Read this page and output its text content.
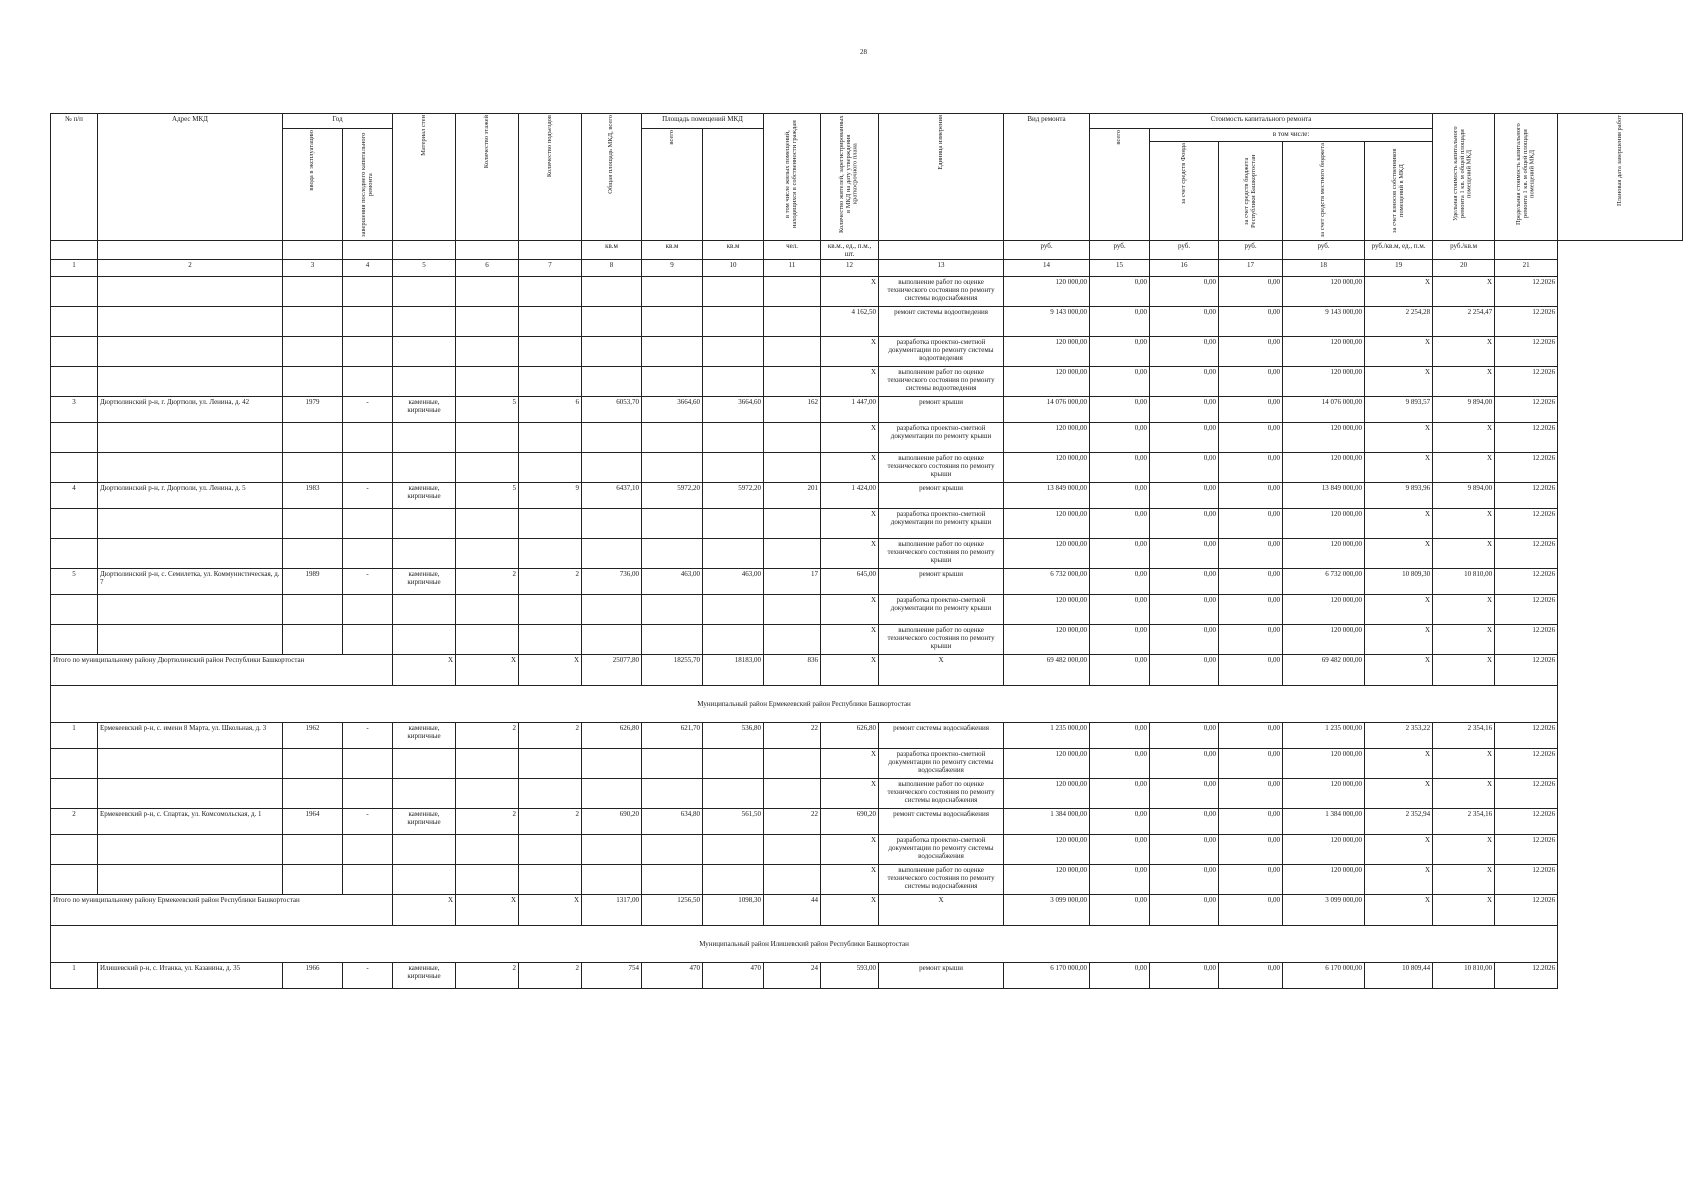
28
№ п/п	Адрес МКД	Год		Материал стен	Количество этажей	Количество подъездов	Общая площадь МКД, всего	Площадь помещений МКД		в том числе жилых помещений, находящихся в собственности граждан	Количество жителей, зарегистрированных в МКД на дату утверждения краткосрочного плана	Единица измерения	Вид ремонта	Стоимость капитального ремонта					Удельная стоимость капитального ремонта 1 кв. м общей площади помещений МКД	Предельная стоимость капитального ремонта 1 кв. м общей площади помещений МКД	Плановая дата завершения работ

		ввода в эксплуатацию	завершения последнего капитального ремонта					всего						всего	в том числе:						

															за счет средств Фонда	за счет средств бюджета Республики Башкортостан	за счет средств местного бюджета	за счет взносов собственников помещений в МКД			

							кв.м	кв.м	кв.м	чел.	кв.м., ед., п.м., шт.		руб.	руб.	руб.	руб.	руб.	руб./кв.м, ед., п.м.	руб./кв.м		
1	2	3	4	5	6	7	8	9	10	11	12	13	14	15	16	17	18	19	20	21	
											X	выполнение работ по оценке технического состояния по ремонту системы водоснабжения	120 000,00	0,00	0,00	0,00	120 000,00	X	X	12.2026	
											4 162,50	ремонт системы водоотведения	9 143 000,00	0,00	0,00	0,00	9 143 000,00	2 254,28	2 254,47	12.2026	
											X	разработка проектно-сметной документации по ремонту системы водоотведения	120 000,00	0,00	0,00	0,00	120 000,00	X	X	12.2026	
											X	выполнение работ по оценке технического состояния по ремонту системы водоотведения	120 000,00	0,00	0,00	0,00	120 000,00	X	X	12.2026	
3	Дюртюлинский р-н, г. Дюртюли, ул. Ленина, д. 42	1979	-	каменные, кирпичные	5	6	6053,70	3664,60	3664,60	162	1 447,00	ремонт крыши	14 076 000,00	0,00	0,00	0,00	14 076 000,00	9 893,57	9 894,00	12.2026	
											X	разработка проектно-сметной документации по ремонту крыши	120 000,00	0,00	0,00	0,00	120 000,00	X	X	12.2026	
											X	выполнение работ по оценке технического состояния по ремонту крыши	120 000,00	0,00	0,00	0,00	120 000,00	X	X	12.2026	
4	Дюртюлинский р-н, г. Дюртюли, ул. Ленина, д. 5	1983	-	каменные, кирпичные	5	9	6437,10	5972,20	5972,20	201	1 424,00	ремонт крыши	13 849 000,00	0,00	0,00	0,00	13 849 000,00	9 893,96	9 894,00	12.2026	
											X	разработка проектно-сметной документации по ремонту крыши	120 000,00	0,00	0,00	0,00	120 000,00	X	X	12.2026	
											X	выполнение работ по оценке технического состояния по ремонту крыши	120 000,00	0,00	0,00	0,00	120 000,00	X	X	12.2026	
5	Дюртюлинский р-н, с. Семилетка, ул. Коммунистическая, д. 7	1989	-	каменные, кирпичные	2	2	736,00	463,00	463,00	17	645,00	ремонт крыши	6 732 000,00	0,00	0,00	0,00	6 732 000,00	10 809,30	10 810,00	12.2026	
											X	разработка проектно-сметной документации по ремонту крыши	120 000,00	0,00	0,00	0,00	120 000,00	X	X	12.2026	
											X	выполнение работ по оценке технического состояния по ремонту крыши	120 000,00	0,00	0,00	0,00	120 000,00	X	X	12.2026	
Итого по муниципальному району Дюртюлинский район Республики Башкортостан				X	X	X	25077,80	18255,70	18183,00	836	X	X	69 482 000,00	0,00	0,00	0,00	69 482 000,00	X	X	12.2026	
Муниципальный район Ермекеевский район Республики Башкортостан																					
1	Ермекеевский р-н, с. имени 8 Марта, ул. Школьная, д. 3	1962	-	каменные, кирпичные	2	2	626,80	621,70	536,80	22	626,80	ремонт системы водоснабжения	1 235 000,00	0,00	0,00	0,00	1 235 000,00	2 353,22	2 354,16	12.2026	
											X	разработка проектно-сметной документации по ремонту системы водоснабжения	120 000,00	0,00	0,00	0,00	120 000,00	X	X	12.2026	
											X	выполнение работ по оценке технического состояния по ремонту системы водоснабжения	120 000,00	0,00	0,00	0,00	120 000,00	X	X	12.2026	
2	Ермекеевский р-н, с. Спартак, ул. Комсомольская, д. 1	1964	-	каменные, кирпичные	2	2	690,20	634,80	561,50	22	690,20	ремонт системы водоснабжения	1 384 000,00	0,00	0,00	0,00	1 384 000,00	2 352,94	2 354,16	12.2026	
											X	разработка проектно-сметной документации по ремонту системы водоснабжения	120 000,00	0,00	0,00	0,00	120 000,00	X	X	12.2026	
											X	выполнение работ по оценке технического состояния по ремонту системы водоснабжения	120 000,00	0,00	0,00	0,00	120 000,00	X	X	12.2026	
Итого по муниципальному району Ермекеевский район Республики Башкортостан				X	X	X	1317,00	1256,50	1098,30	44	X	X	3 099 000,00	0,00	0,00	0,00	3 099 000,00	X	X	12.2026	
Муниципальный район Илишевский район Республики Башкортостан																					
1	Илишевский р-н, с. Итанка, ул. Казанина, д. 35	1966	-	каменные, кирпичные	2	2	754	470	470	24	593,00	ремонт крыши	6 170 000,00	0,00	0,00	0,00	6 170 000,00	10 809,44	10 810,00	12.2026	
